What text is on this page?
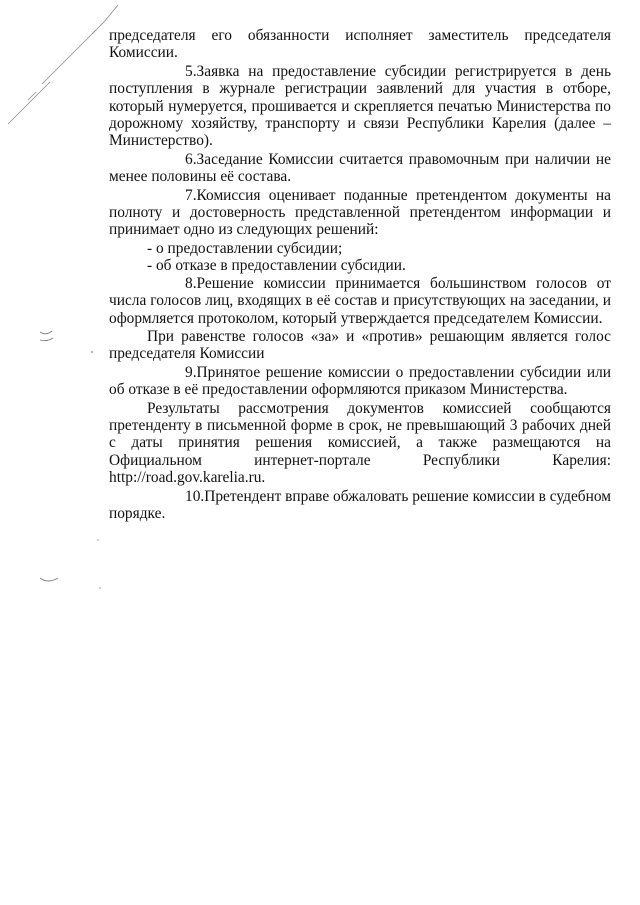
председателя его обязанности исполняет заместитель председателя Комиссии.

5.Заявка на предоставление субсидии регистрируется в день поступления в журнале регистрации заявлений для участия в отборе, который нумеруется, прошивается и скрепляется печатью Министерства по дорожному хозяйству, транспорту и связи Республики Карелия (далее – Министерство).

6.Заседание Комиссии считается правомочным при наличии не менее половины её состава.

7.Комиссия оценивает поданные претендентом документы на полноту и достоверность представленной претендентом информации и принимает одно из следующих решений:

- о предоставлении субсидии;

- об отказе в предоставлении субсидии.

8.Решение комиссии принимается большинством голосов от числа голосов лиц, входящих в её состав и присутствующих на заседании, и оформляется протоколом, который утверждается председателем Комиссии.

При равенстве голосов «за» и «против» решающим является голос председателя Комиссии

9.Принятое решение комиссии о предоставлении субсидии или об отказе в её предоставлении оформляются приказом Министерства.

Результаты рассмотрения документов комиссией сообщаются претенденту в письменной форме в срок, не превышающий 3 рабочих дней с даты принятия решения комиссией, а также размещаются на Официальном интернет-портале Республики Карелия: http://road.gov.karelia.ru.

10.Претендент вправе обжаловать решение комиссии в судебном порядке.
